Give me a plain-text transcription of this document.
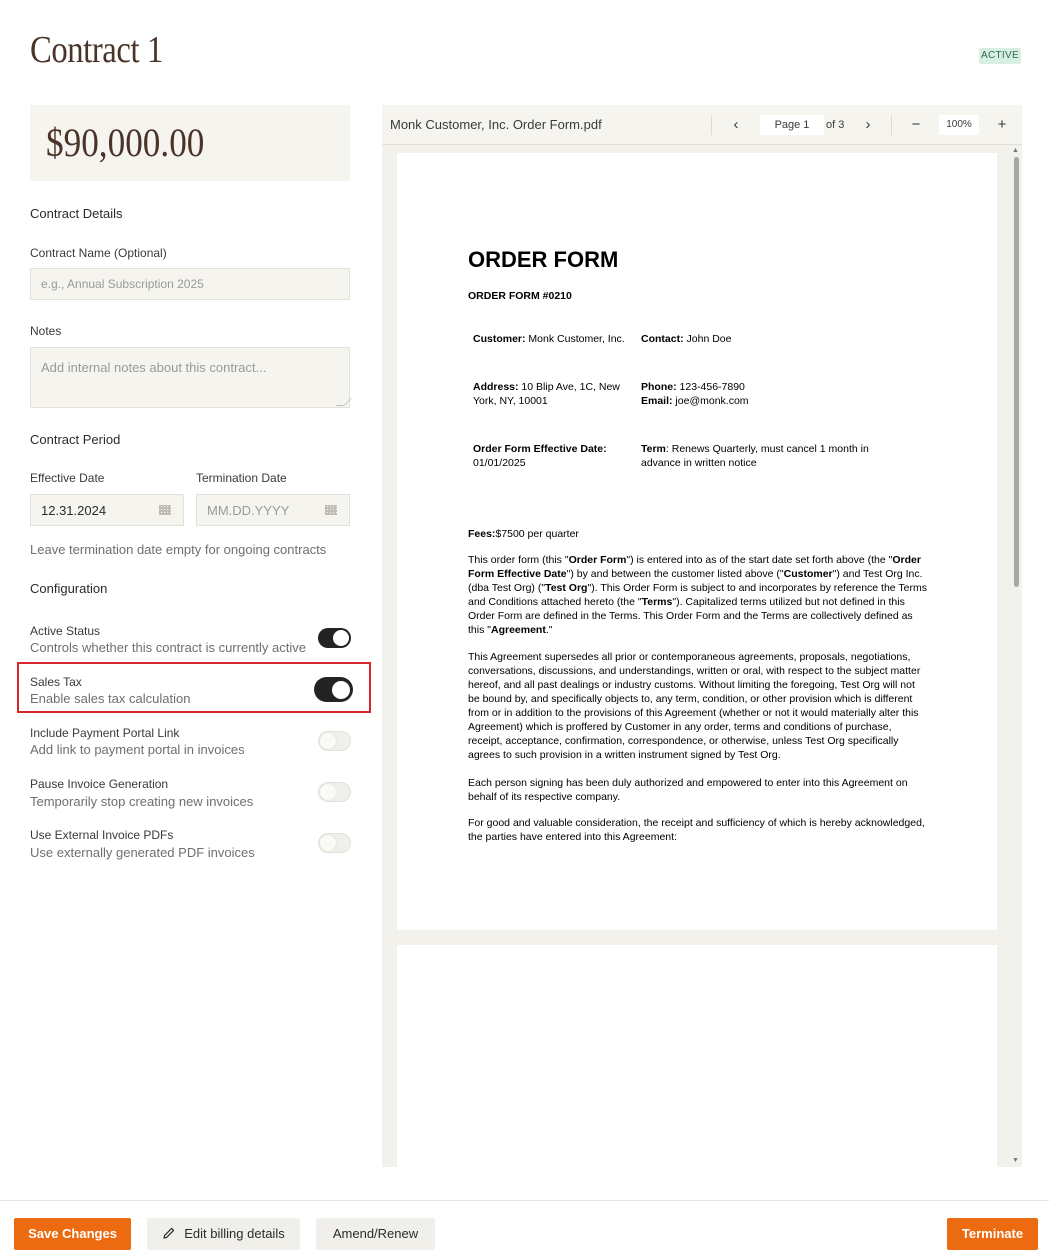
Contract 1	ACTIVE
$90,000.00
Contract Details
Contract Name (Optional)
e.g., Annual Subscription 2025
Notes
Add internal notes about this contract...
Contract Period
Effective Date	Termination Date
12.31.2024	MM.DD.YYYY
Leave termination date empty for ongoing contracts
Configuration
Active Status
Controls whether this contract is currently active
Sales Tax
Enable sales tax calculation
Include Payment Portal Link
Add link to payment portal in invoices
Pause Invoice Generation
Temporarily stop creating new invoices
Use External Invoice PDFs
Use externally generated PDF invoices
Monk Customer, Inc. Order Form.pdf	‹	Page 1	of 3	›	−	100%	+
ORDER FORM
ORDER FORM #0210
Customer: Monk Customer, Inc. Contact: John Doe
Address: 10 Blip Ave, 1C, New
York, NY, 10001
Phone: 123-456-7890
Email: joe@monk.com
Order Form Effective Date:
01/01/2025
Term: Renews Quarterly, must cancel 1 month in
advance in written notice
Fees:$7500 per quarter
This order form (this "Order Form") is entered into as of the start date set forth above (the "Order Form Effective Date") by and between the customer listed above ("Customer") and Test Org Inc. (dba Test Org) ("Test Org"). This Order Form is subject to and incorporates by reference the Terms and Conditions attached hereto (the "Terms"). Capitalized terms utilized but not defined in this Order Form are defined in the Terms. This Order Form and the Terms are collectively defined as this "Agreement."
This Agreement supersedes all prior or contemporaneous agreements, proposals, negotiations, conversations, discussions, and understandings, written or oral, with respect to the subject matter hereof, and all past dealings or industry customs. Without limiting the foregoing, Test Org will not be bound by, and specifically objects to, any term, condition, or other provision which is different from or in addition to the provisions of this Agreement (whether or not it would materially alter this Agreement) which is proffered by Customer in any order, terms and conditions of purchase, receipt, acceptance, confirmation, correspondence, or otherwise, unless Test Org specifically agrees to such provision in a written instrument signed by Test Org.
Each person signing has been duly authorized and empowered to enter into this Agreement on behalf of its respective company.
For good and valuable consideration, the receipt and sufficiency of which is hereby acknowledged, the parties have entered into this Agreement:
▲
▼
Save Changes	Edit billing details	Amend/Renew	Terminate
